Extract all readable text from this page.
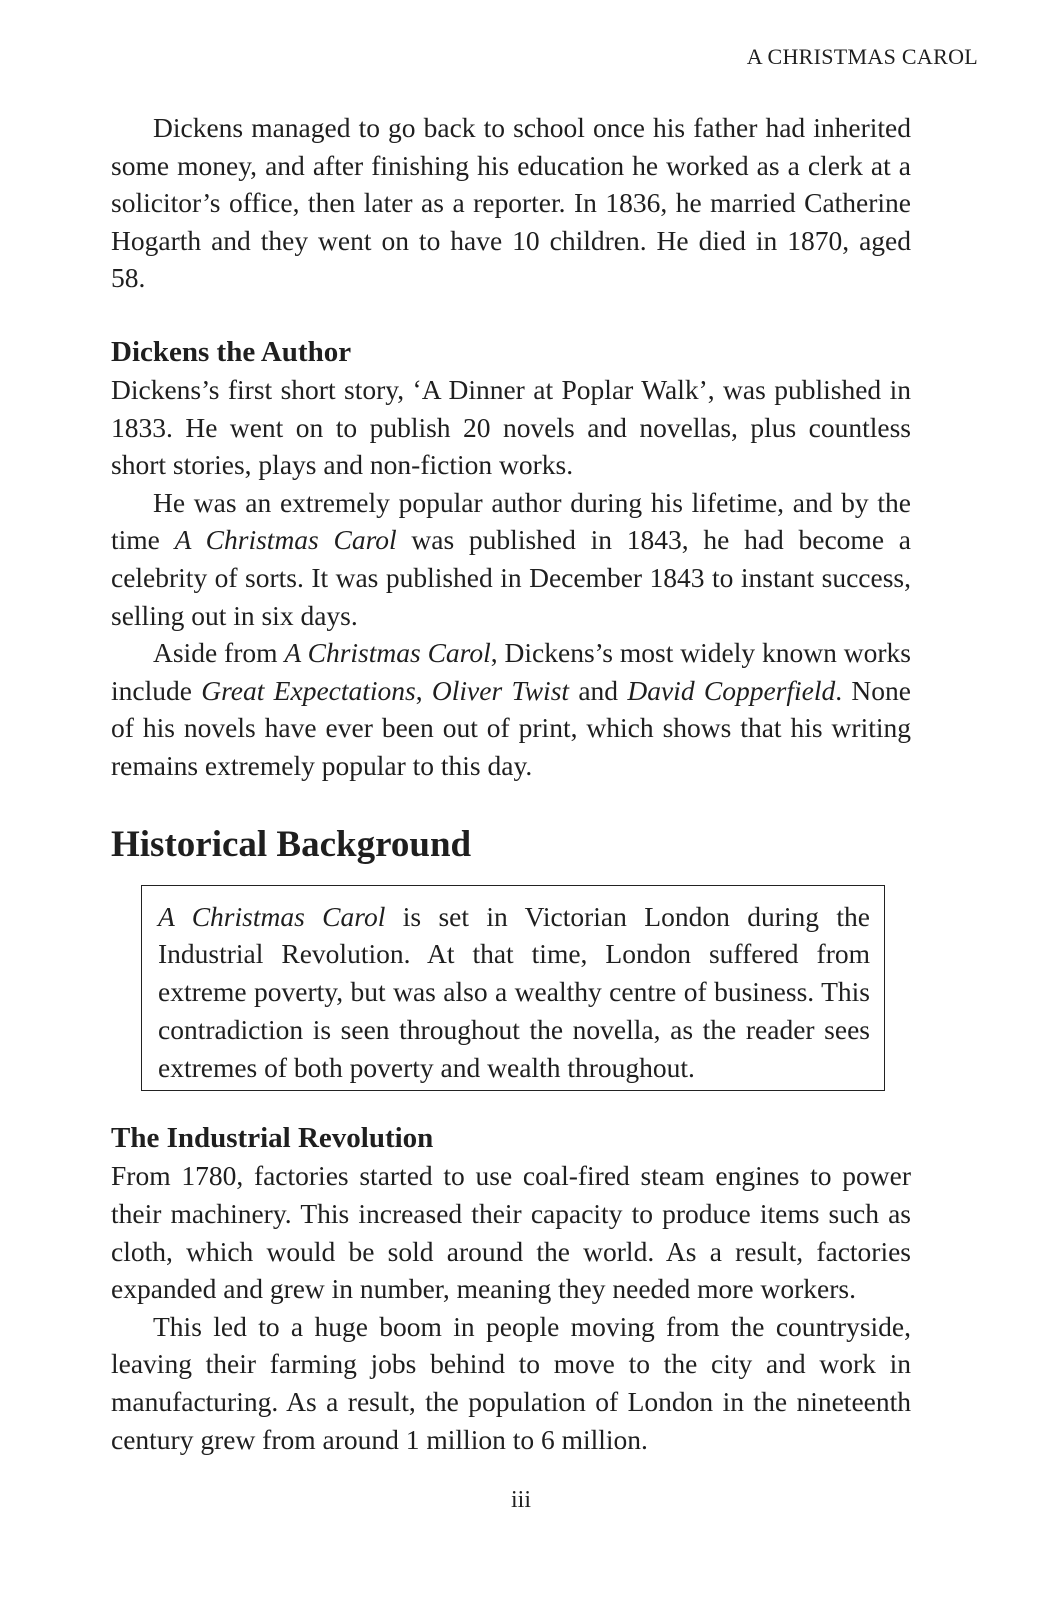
A CHRISTMAS CAROL

Dickens managed to go back to school once his father had inherited some money, and after finishing his education he worked as a clerk at a solicitor’s office, then later as a reporter. In 1836, he married Catherine Hogarth and they went on to have 10 children. He died in 1870, aged 58.

Dickens the Author

Dickens’s first short story, ‘A Dinner at Poplar Walk’, was published in 1833. He went on to publish 20 novels and novellas, plus countless short stories, plays and non-fiction works.

He was an extremely popular author during his lifetime, and by the time A Christmas Carol was published in 1843, he had become a celebrity of sorts. It was published in December 1843 to instant success, selling out in six days.

Aside from A Christmas Carol, Dickens’s most widely known works include Great Expectations, Oliver Twist and David Copperfield. None of his novels have ever been out of print, which shows that his writing remains extremely popular to this day.

Historical Background

A Christmas Carol is set in Victorian London during the Industrial Revolution. At that time, London suffered from extreme poverty, but was also a wealthy centre of business. This contradiction is seen throughout the novella, as the reader sees extremes of both poverty and wealth throughout.

The Industrial Revolution

From 1780, factories started to use coal-fired steam engines to power their machinery. This increased their capacity to produce items such as cloth, which would be sold around the world. As a result, factories expanded and grew in number, meaning they needed more workers.

This led to a huge boom in people moving from the countryside, leaving their farming jobs behind to move to the city and work in manufacturing. As a result, the population of London in the nineteenth century grew from around 1 million to 6 million.

iii
